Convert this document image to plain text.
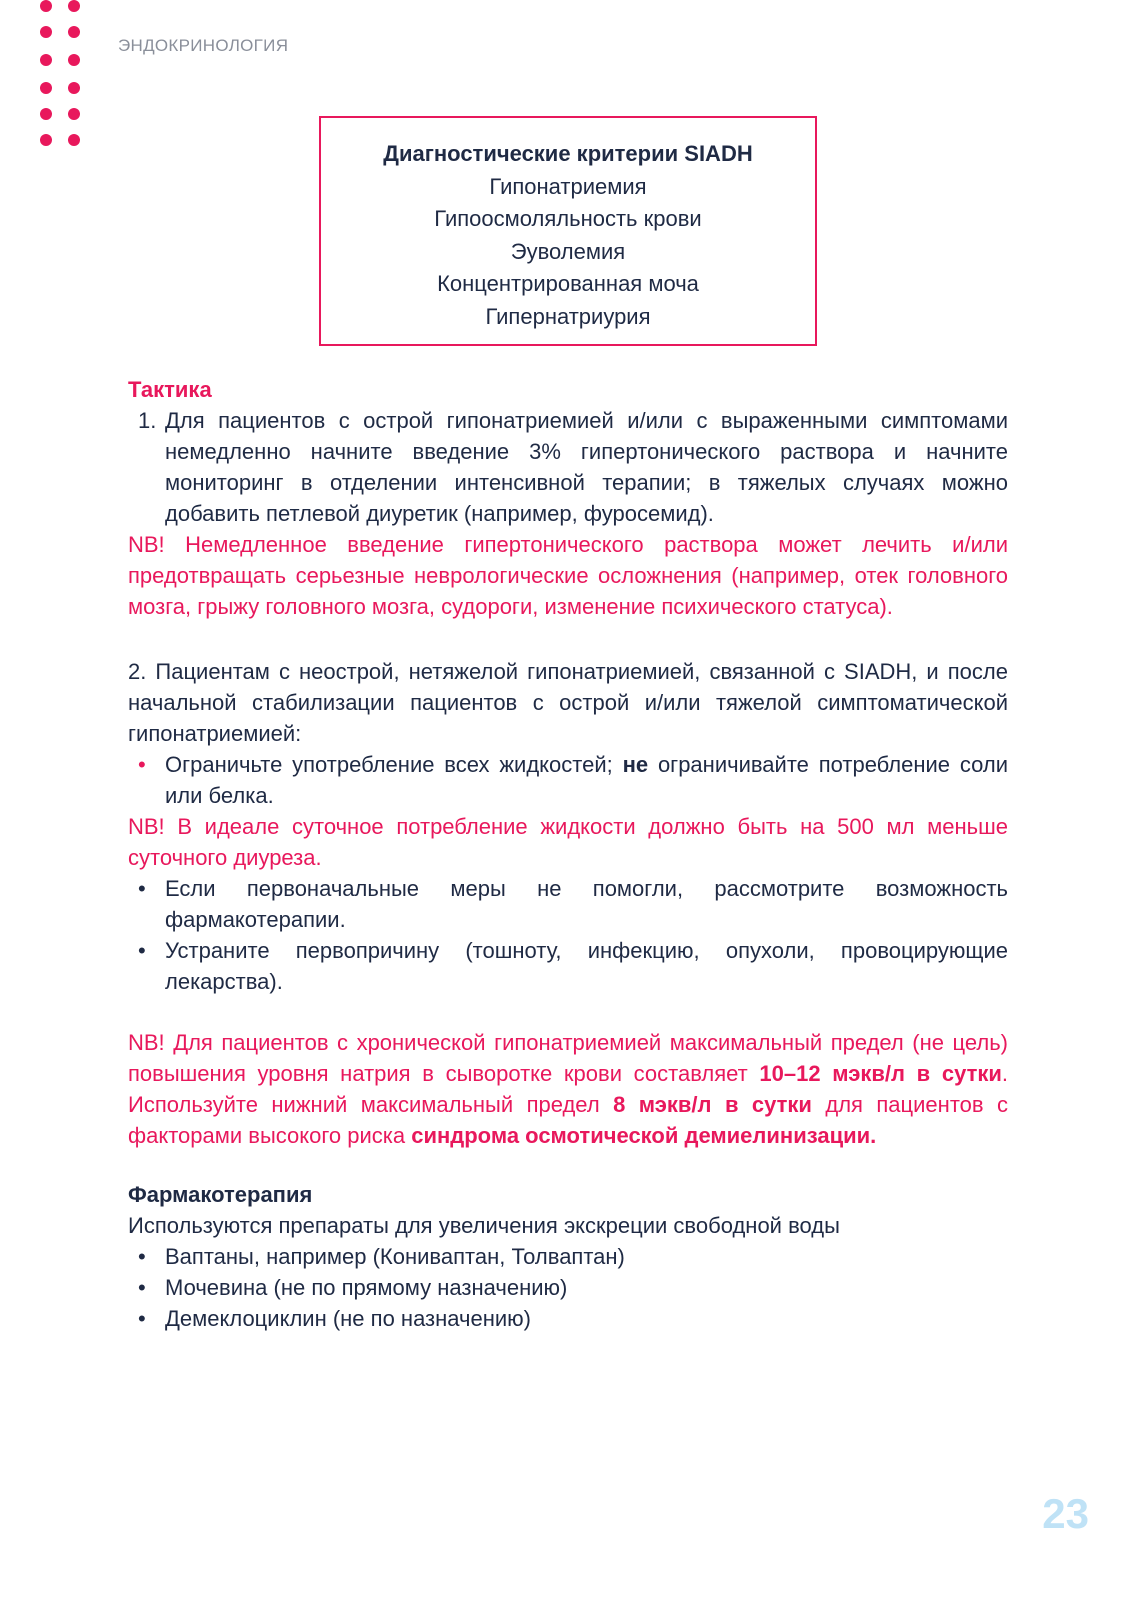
ЭНДОКРИНОЛОГИЯ
Диагностические критерии SIADH
Гипонатриемия
Гипоосмоляльность крови
Эуволемия
Концентрированная моча
Гипернатриурия
Тактика
1. Для пациентов с острой гипонатриемией и/или с выраженными симптомами немедленно начните введение 3% гипертонического раствора и начните мониторинг в отделении интенсивной терапии; в тяжелых случаях можно добавить петлевой диуретик (например, фуросемид).
NB! Немедленное введение гипертонического раствора может лечить и/или предотвращать серьезные неврологические осложнения (например, отек головного мозга, грыжу головного мозга, судороги, изменение психического статуса).
2. Пациентам с неострой, нетяжелой гипонатриемией, связанной с SIADH, и после начальной стабилизации пациентов с острой и/или тяжелой симптоматической гипонатриемией:
• Ограничьте употребление всех жидкостей; не ограничивайте потребление соли или белка.
NB! В идеале суточное потребление жидкости должно быть на 500 мл меньше суточного диуреза.
• Если первоначальные меры не помогли, рассмотрите возможность фармакотерапии.
• Устраните первопричину (тошноту, инфекцию, опухоли, провоцирующие лекарства).
NB! Для пациентов с хронической гипонатриемией максимальный предел (не цель) повышения уровня натрия в сыворотке крови составляет 10–12 мэкв/л в сутки. Используйте нижний максимальный предел 8 мэкв/л в сутки для пациентов с факторами высокого риска синдрома осмотической демиелинизации.
Фармакотерапия
Используются препараты для увеличения экскреции свободной воды
• Ваптаны, например (Кониваптан, Толваптан)
• Мочевина (не по прямому назначению)
• Демеклоциклин (не по назначению)
23
